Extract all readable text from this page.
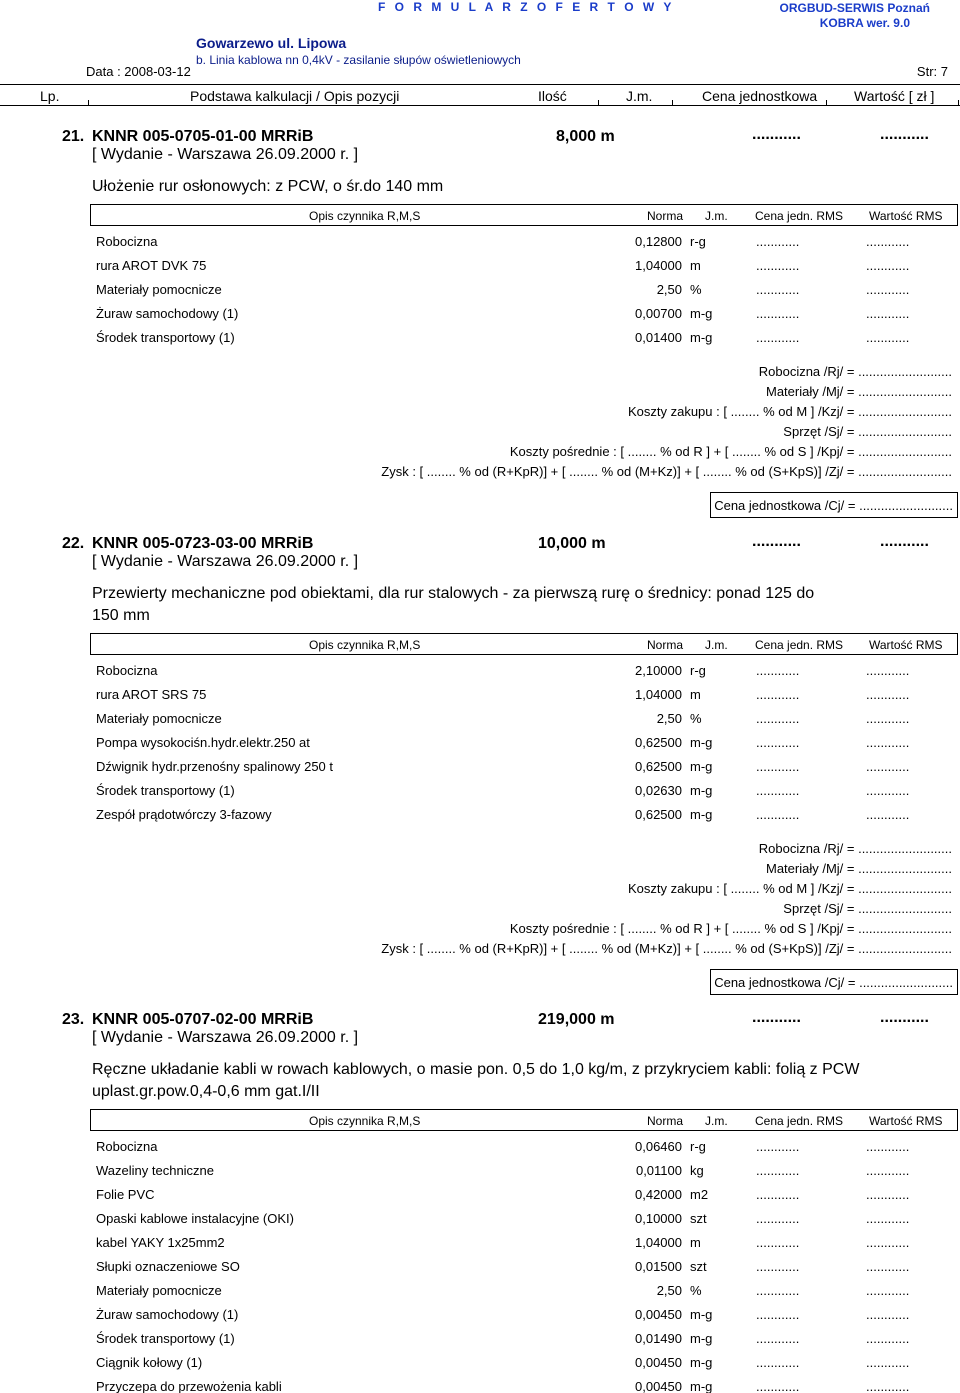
F O R M U L A R Z O F E R T O W Y	ORGBUD-SERWIS Poznań
KOBRA wer. 9.0
Gowarzewo ul. Lipowa
b. Linia kablowa nn 0,4kV - zasilanie słupów oświetleniowych
Data : 2008-03-12	Str: 7
Lp.	Podstawa kalkulacji / Opis pozycji	Ilość	J.m.	Cena jednostkowa	Wartość [ zł ]
21. KNNR 005-0705-01-00 MRRiB	8,000 m	...........	...........
[ Wydanie - Warszawa 26.09.2000 r. ]
Ułożenie rur osłonowych: z PCW, o śr.do 140 mm
Opis czynnika R,M,S	Norma J.m. Cena jedn. RMS Wartość RMS
Robocizna	0,12800 r-g	............	............
rura AROT DVK 75	1,04000 m	............	............
Materiały pomocnicze	2,50 %	............	............
Żuraw samochodowy (1)	0,00700 m-g	............	............
Środek transportowy (1)	0,01400 m-g	............	............
Robocizna /Rj/ = ..........................
Materiały /Mj/ = ..........................
Koszty zakupu : [ ........ % od M ] /Kzj/ = ..........................
Sprzęt /Sj/ = ..........................
Koszty pośrednie : [ ........ % od R ] + [ ........ % od S ] /Kpj/ = ..........................
Zysk : [ ........ % od (R+KpR)] + [ ........ % od (M+Kz)] + [ ........ % od (S+KpS)] /Zj/ = ..........................
Cena jednostkowa /Cj/ = ..........................
22. KNNR 005-0723-03-00 MRRiB	10,000 m	...........	...........
[ Wydanie - Warszawa 26.09.2000 r. ]
Przewierty mechaniczne pod obiektami, dla rur stalowych - za pierwszą rurę o średnicy: ponad 125 do
150 mm
Opis czynnika R,M,S	Norma J.m. Cena jedn. RMS Wartość RMS
Robocizna	2,10000 r-g	............	............
rura AROT SRS 75	1,04000 m	............	............
Materiały pomocnicze	2,50 %	............	............
Pompa wysokociśn.hydr.elektr.250 at	0,62500 m-g	............	............
Dźwignik hydr.przenośny spalinowy 250 t	0,62500 m-g	............	............
Środek transportowy (1)	0,02630 m-g	............	............
Zespół prądotwórczy 3-fazowy	0,62500 m-g	............	............
Robocizna /Rj/ = ..........................
Materiały /Mj/ = ..........................
Koszty zakupu : [ ........ % od M ] /Kzj/ = ..........................
Sprzęt /Sj/ = ..........................
Koszty pośrednie : [ ........ % od R ] + [ ........ % od S ] /Kpj/ = ..........................
Zysk : [ ........ % od (R+KpR)] + [ ........ % od (M+Kz)] + [ ........ % od (S+KpS)] /Zj/ = ..........................
Cena jednostkowa /Cj/ = ..........................
23. KNNR 005-0707-02-00 MRRiB	219,000 m	...........	...........
[ Wydanie - Warszawa 26.09.2000 r. ]
Ręczne układanie kabli w rowach kablowych, o masie pon. 0,5 do 1,0 kg/m, z przykryciem kabli: folią z PCW
uplast.gr.pow.0,4-0,6 mm gat.I/II
Opis czynnika R,M,S	Norma J.m. Cena jedn. RMS Wartość RMS
Robocizna	0,06460 r-g	............	............
Wazeliny techniczne	0,01100 kg	............	............
Folie PVC	0,42000 m2	............	............
Opaski kablowe instalacyjne (OKI)	0,10000 szt	............	............
kabel YAKY 1x25mm2	1,04000 m	............	............
Słupki oznaczeniowe SO	0,01500 szt	............	............
Materiały pomocnicze	2,50 %	............	............
Żuraw samochodowy (1)	0,00450 m-g	............	............
Środek transportowy (1)	0,01490 m-g	............	............
Ciągnik kołowy (1)	0,00450 m-g	............	............
Przyczepa do przewożenia kabli	0,00450 m-g	............	............
